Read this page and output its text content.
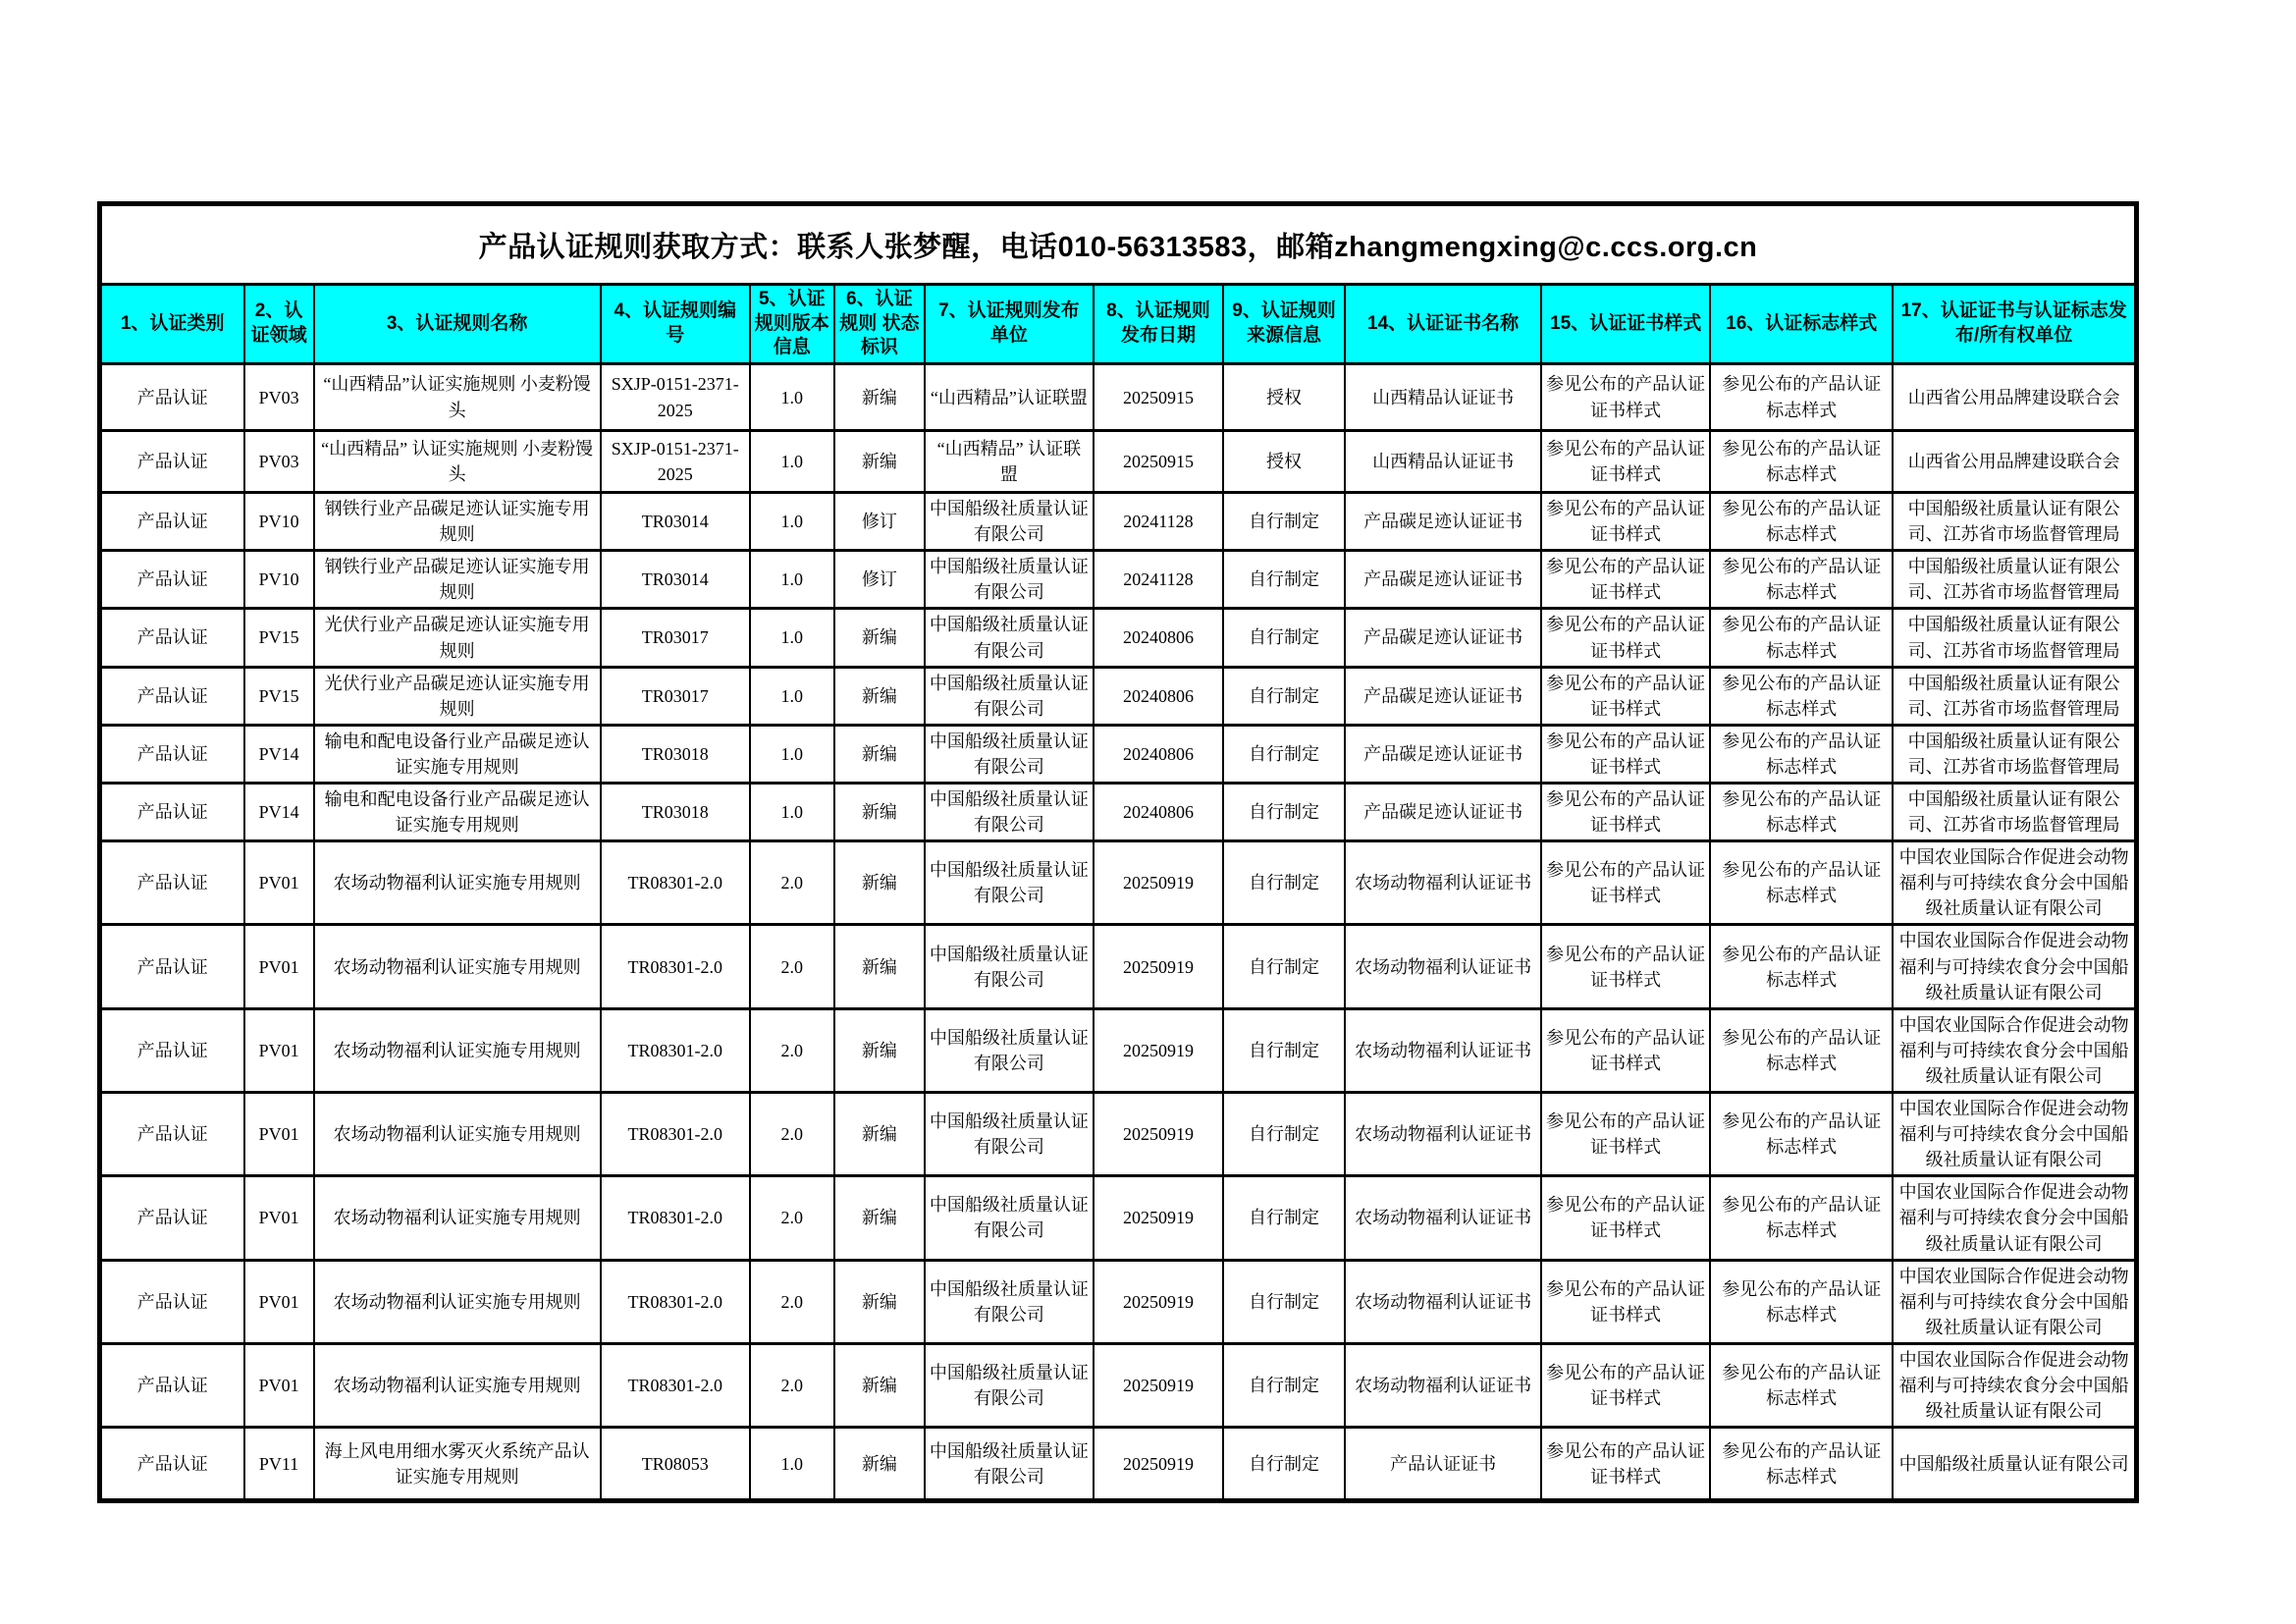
产品认证规则获取方式：联系人张梦醒，电话010-56313583，邮箱zhangmengxing@c.ccs.org.cn												
1、认证类别	2、认证领域	3、认证规则名称	4、认证规则编号	5、认证规则版本信息	6、认证规则 状态标识	7、认证规则发布单位	8、认证规则发布日期	9、认证规则来源信息	14、认证证书名称	15、认证证书样式	16、认证标志样式	17、认证证书与认证标志发布/所有权单位
产品认证	PV03	“山西精品”认证实施规则 小麦粉馒头	SXJP-0151-2371-2025	1.0	新编	“山西精品”认证联盟	20250915	授权	山西精品认证证书	参见公布的产品认证证书样式	参见公布的产品认证标志样式	山西省公用品牌建设联合会
产品认证	PV03	“山西精品” 认证实施规则 小麦粉馒头	SXJP-0151-2371-2025	1.0	新编	“山西精品” 认证联盟	20250915	授权	山西精品认证证书	参见公布的产品认证证书样式	参见公布的产品认证标志样式	山西省公用品牌建设联合会
产品认证	PV10	钢铁行业产品碳足迹认证实施专用规则	TR03014	1.0	修订	中国船级社质量认证有限公司	20241128	自行制定	产品碳足迹认证证书	参见公布的产品认证证书样式	参见公布的产品认证标志样式	中国船级社质量认证有限公司、江苏省市场监督管理局
产品认证	PV10	钢铁行业产品碳足迹认证实施专用规则	TR03014	1.0	修订	中国船级社质量认证有限公司	20241128	自行制定	产品碳足迹认证证书	参见公布的产品认证证书样式	参见公布的产品认证标志样式	中国船级社质量认证有限公司、江苏省市场监督管理局
产品认证	PV15	光伏行业产品碳足迹认证实施专用规则	TR03017	1.0	新编	中国船级社质量认证有限公司	20240806	自行制定	产品碳足迹认证证书	参见公布的产品认证证书样式	参见公布的产品认证标志样式	中国船级社质量认证有限公司、江苏省市场监督管理局
产品认证	PV15	光伏行业产品碳足迹认证实施专用规则	TR03017	1.0	新编	中国船级社质量认证有限公司	20240806	自行制定	产品碳足迹认证证书	参见公布的产品认证证书样式	参见公布的产品认证标志样式	中国船级社质量认证有限公司、江苏省市场监督管理局
产品认证	PV14	输电和配电设备行业产品碳足迹认证实施专用规则	TR03018	1.0	新编	中国船级社质量认证有限公司	20240806	自行制定	产品碳足迹认证证书	参见公布的产品认证证书样式	参见公布的产品认证标志样式	中国船级社质量认证有限公司、江苏省市场监督管理局
产品认证	PV14	输电和配电设备行业产品碳足迹认证实施专用规则	TR03018	1.0	新编	中国船级社质量认证有限公司	20240806	自行制定	产品碳足迹认证证书	参见公布的产品认证证书样式	参见公布的产品认证标志样式	中国船级社质量认证有限公司、江苏省市场监督管理局
产品认证	PV01	农场动物福利认证实施专用规则	TR08301-2.0	2.0	新编	中国船级社质量认证有限公司	20250919	自行制定	农场动物福利认证证书	参见公布的产品认证证书样式	参见公布的产品认证标志样式	中国农业国际合作促进会动物福利与可持续农食分会中国船级社质量认证有限公司
产品认证	PV01	农场动物福利认证实施专用规则	TR08301-2.0	2.0	新编	中国船级社质量认证有限公司	20250919	自行制定	农场动物福利认证证书	参见公布的产品认证证书样式	参见公布的产品认证标志样式	中国农业国际合作促进会动物福利与可持续农食分会中国船级社质量认证有限公司
产品认证	PV01	农场动物福利认证实施专用规则	TR08301-2.0	2.0	新编	中国船级社质量认证有限公司	20250919	自行制定	农场动物福利认证证书	参见公布的产品认证证书样式	参见公布的产品认证标志样式	中国农业国际合作促进会动物福利与可持续农食分会中国船级社质量认证有限公司
产品认证	PV01	农场动物福利认证实施专用规则	TR08301-2.0	2.0	新编	中国船级社质量认证有限公司	20250919	自行制定	农场动物福利认证证书	参见公布的产品认证证书样式	参见公布的产品认证标志样式	中国农业国际合作促进会动物福利与可持续农食分会中国船级社质量认证有限公司
产品认证	PV01	农场动物福利认证实施专用规则	TR08301-2.0	2.0	新编	中国船级社质量认证有限公司	20250919	自行制定	农场动物福利认证证书	参见公布的产品认证证书样式	参见公布的产品认证标志样式	中国农业国际合作促进会动物福利与可持续农食分会中国船级社质量认证有限公司
产品认证	PV01	农场动物福利认证实施专用规则	TR08301-2.0	2.0	新编	中国船级社质量认证有限公司	20250919	自行制定	农场动物福利认证证书	参见公布的产品认证证书样式	参见公布的产品认证标志样式	中国农业国际合作促进会动物福利与可持续农食分会中国船级社质量认证有限公司
产品认证	PV01	农场动物福利认证实施专用规则	TR08301-2.0	2.0	新编	中国船级社质量认证有限公司	20250919	自行制定	农场动物福利认证证书	参见公布的产品认证证书样式	参见公布的产品认证标志样式	中国农业国际合作促进会动物福利与可持续农食分会中国船级社质量认证有限公司
产品认证	PV11	海上风电用细水雾灭火系统产品认证实施专用规则	TR08053	1.0	新编	中国船级社质量认证有限公司	20250919	自行制定	产品认证证书	参见公布的产品认证证书样式	参见公布的产品认证标志样式	中国船级社质量认证有限公司
